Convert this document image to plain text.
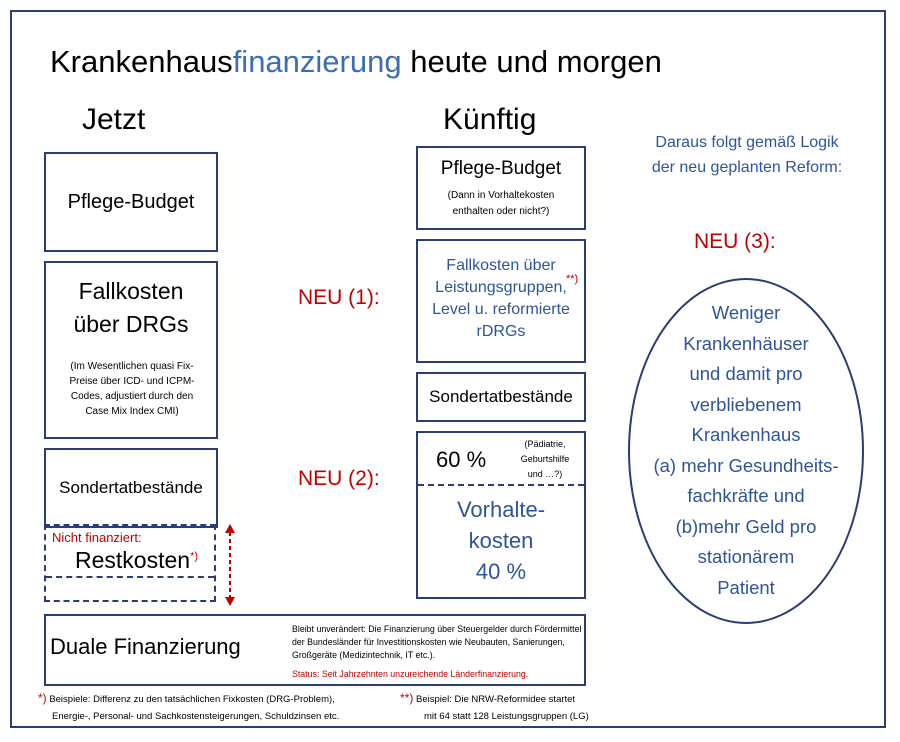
Krankenhausfinanzierung heute und morgen
Jetzt	Künftig
Pflege-Budget
Fallkosten
über DRGs
(Im Wesentlichen quasi Fix-Preise über ICD- und ICPM-Codes, adjustiert durch den Case Mix Index CMI)
Sondertatbestände
Nicht finanziert:
Restkosten*)
NEU (1):
NEU (2):
Pflege-Budget
(Dann in Vorhaltekosten enthalten oder nicht?)
Fallkosten über
Leistungsgruppen,
Level u. reformierte
rDRGs
**)
Sondertatbestände
60 %
(Pädiatrie, Geburtshilfe und …?)
Vorhalte-
kosten
40 %
Daraus folgt gemäß Logik
der neu geplanten Reform:
NEU (3):
Weniger
Krankenhäuser
und damit pro
verbliebenem
Krankenhaus
(a) mehr Gesundheits-
fachkräfte und
(b)mehr Geld pro
stationärem
Patient
Duale Finanzierung
Bleibt unverändert: Die Finanzierung über Steuergelder durch Fördermittel der Bundesländer für Investitionskosten wie Neubauten, Sanierungen, Großgeräte (Medizintechnik, IT etc.).
Status: Seit Jahrzehnten unzureichende Länderfinanzierung.
*) Beispiele: Differenz zu den tatsächlichen Fixkosten (DRG-Problem),
Energie-, Personal- und Sachkostensteigerungen, Schuldzinsen etc.
**) Beispiel: Die NRW-Reformidee startet
mit 64 statt 128 Leistungsgruppen (LG)
